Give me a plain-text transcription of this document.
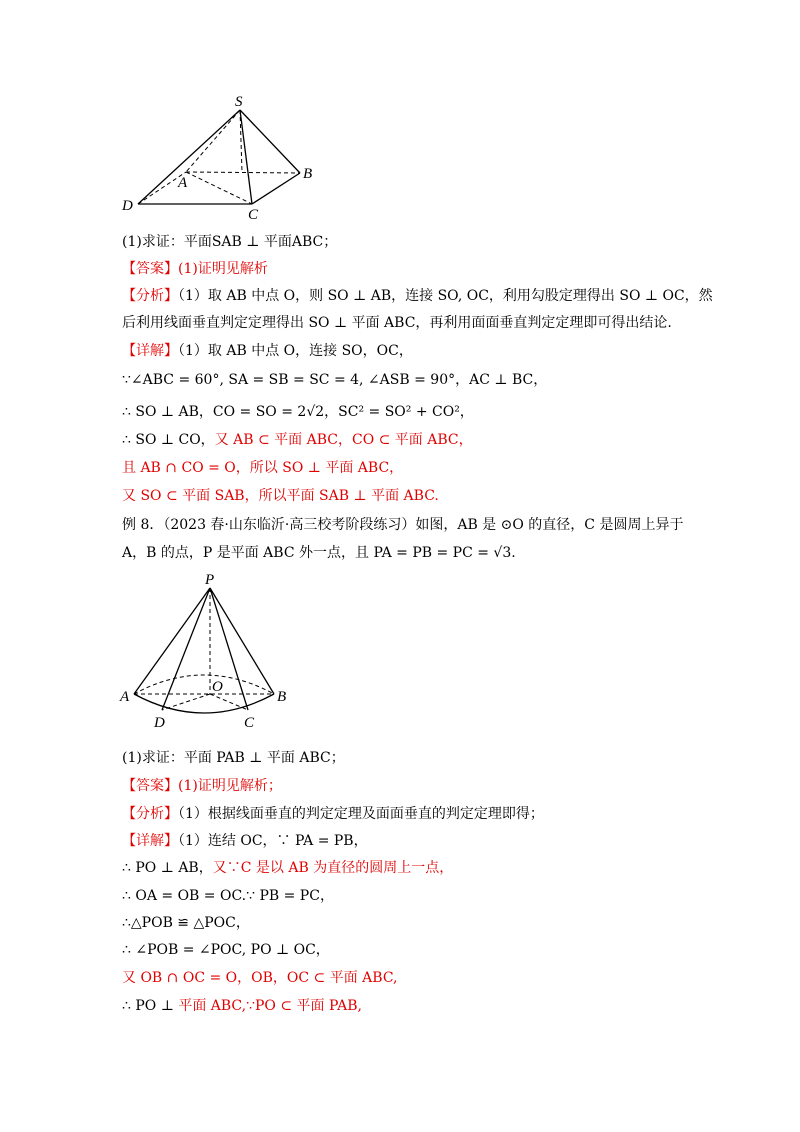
S
A
B
C
D
(1)求证：平面SAB ⊥ 平面ABC；
【答案】(1)证明见解析
【分析】（1）取 AB 中点 O，则 SO ⊥ AB，连接 SO, OC，利用勾股定理得出 SO ⊥ OC，然
后利用线面垂直判定定理得出 SO ⊥ 平面 ABC，再利用面面垂直判定定理即可得出结论.
【详解】（1）取 AB 中点 O，连接 SO，OC，
∵∠ABC = 60°, SA = SB = SC = 4, ∠ASB = 90°，AC ⊥ BC，
∴ SO ⊥ AB，CO = SO = 2√2，SC² = SO² + CO²，
∴ SO ⊥ CO，又 AB ⊂ 平面 ABC，CO ⊂ 平面 ABC，
且 AB ∩ CO = O，所以 SO ⊥ 平面 ABC，
又 SO ⊂ 平面 SAB，所以平面 SAB ⊥ 平面 ABC.
例 8．（2023 春·山东临沂·高三校考阶段练习）如图，AB 是 ⊙O 的直径，C 是圆周上异于
A，B 的点，P 是平面 ABC 外一点，且 PA = PB = PC = √3.
P
A	B
O
D	C
(1)求证：平面 PAB ⊥ 平面 ABC；
【答案】(1)证明见解析；
【分析】（1）根据线面垂直的判定定理及面面垂直的判定定理即得；
【详解】（1）连结 OC，∵ PA = PB，
∴ PO ⊥ AB，又∵C 是以 AB 为直径的圆周上一点，
∴ OA = OB = OC.∵ PB = PC，
∴△POB ≌ △POC，
∴ ∠POB = ∠POC, PO ⊥ OC，
又 OB ∩ OC = O，OB，OC ⊂ 平面 ABC,
∴ PO ⊥ 平面 ABC,∵PO ⊂ 平面 PAB,
